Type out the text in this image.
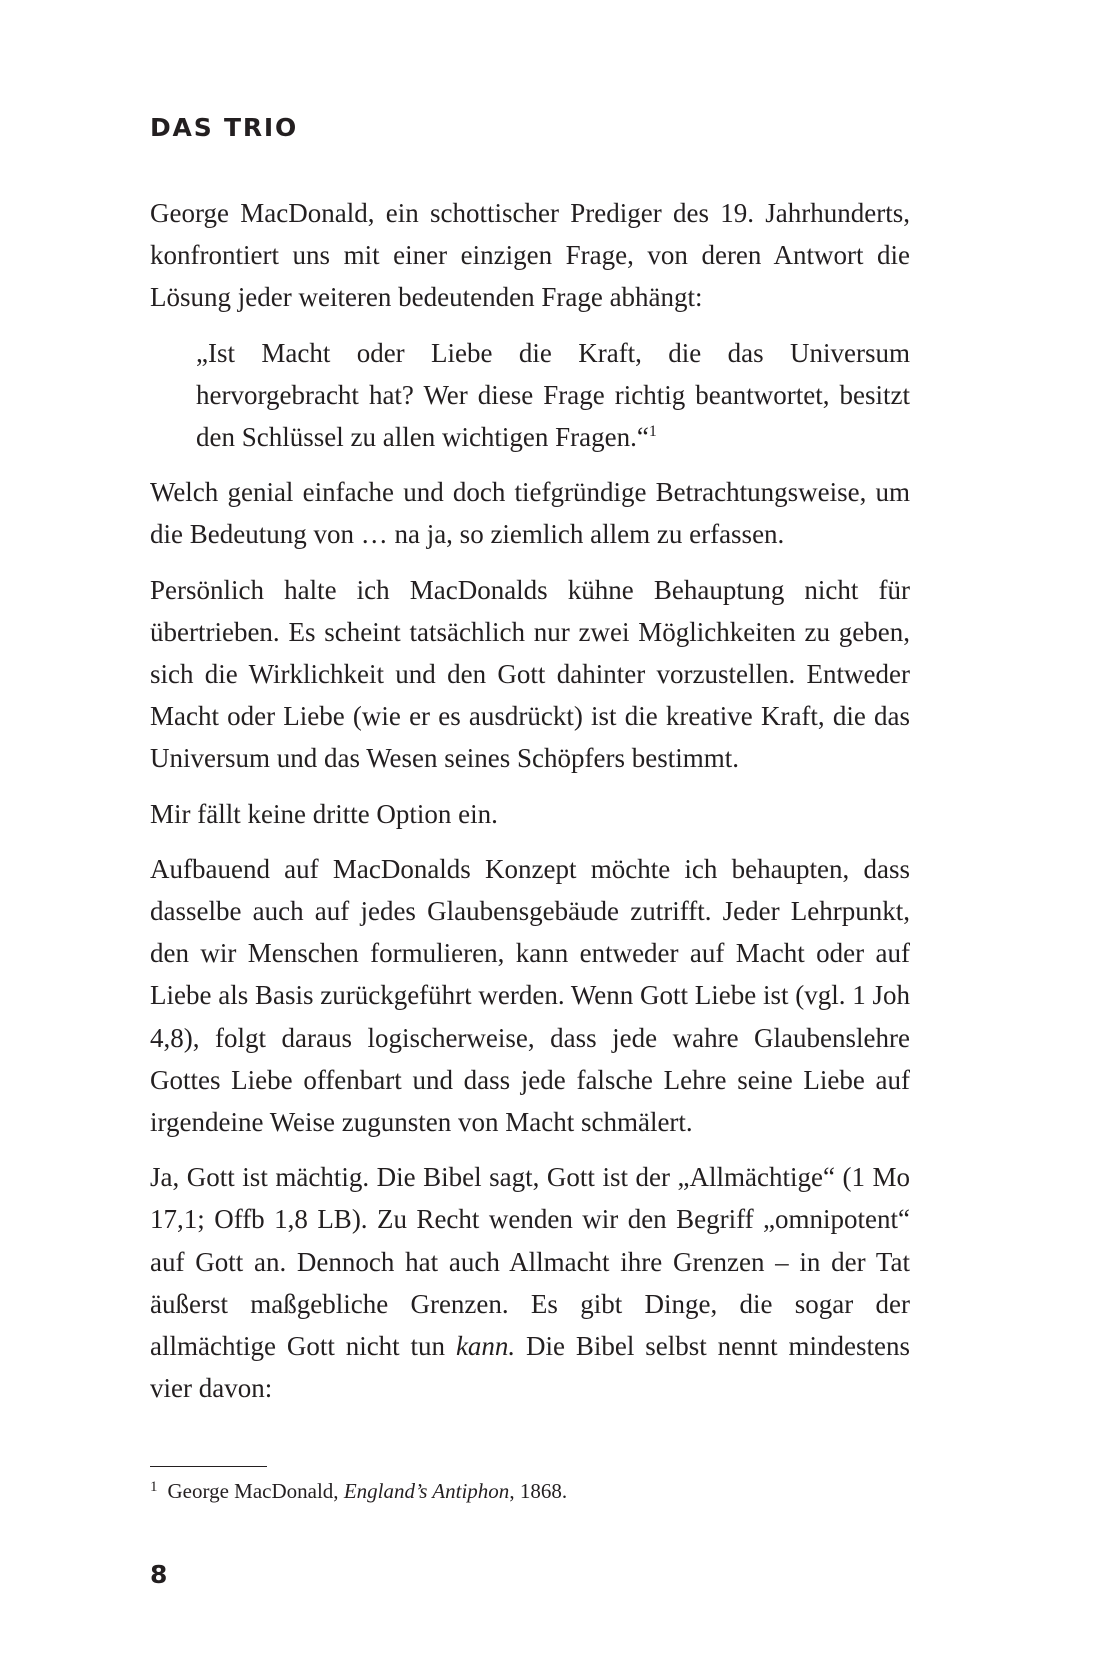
DAS TRIO

George MacDonald, ein schottischer Prediger des 19. Jahrhunderts, konfrontiert uns mit einer einzigen Frage, von deren Antwort die Lösung jeder weiteren bedeutenden Frage abhängt:

„Ist Macht oder Liebe die Kraft, die das Universum hervorgebracht hat? Wer diese Frage richtig beantwortet, besitzt den Schlüssel zu allen wichtigen Fragen.“$^1$

Welch genial einfache und doch tiefgründige Betrachtungsweise, um die Bedeutung von … na ja, so ziemlich allem zu erfassen.

Persönlich halte ich MacDonalds kühne Behauptung nicht für übertrieben. Es scheint tatsächlich nur zwei Möglichkeiten zu geben, sich die Wirklichkeit und den Gott dahinter vorzustellen. Entweder Macht oder Liebe (wie er es ausdrückt) ist die kreative Kraft, die das Universum und das Wesen seines Schöpfers bestimmt.

Mir fällt keine dritte Option ein.

Aufbauend auf MacDonalds Konzept möchte ich behaupten, dass dasselbe auch auf jedes Glaubensgebäude zutrifft. Jeder Lehrpunkt, den wir Menschen formulieren, kann entweder auf Macht oder auf Liebe als Basis zurückgeführt werden. Wenn Gott Liebe ist (vgl. 1 Joh 4,8), folgt daraus logischerweise, dass jede wahre Glaubenslehre Gottes Liebe offenbart und dass jede falsche Lehre seine Liebe auf irgendeine Weise zugunsten von Macht schmälert.

Ja, Gott ist mächtig. Die Bibel sagt, Gott ist der „Allmächtige“ (1 Mo 17,1; Offb 1,8 LB). Zu Recht wenden wir den Begriff „omnipotent“ auf Gott an. Dennoch hat auch Allmacht ihre Grenzen – in der Tat äußerst maßgebliche Grenzen. Es gibt Dinge, die sogar der allmächtige Gott nicht tun kann. Die Bibel selbst nennt mindestens vier davon:

$^1$ George MacDonald, England’s Antiphon, 1868.

8
